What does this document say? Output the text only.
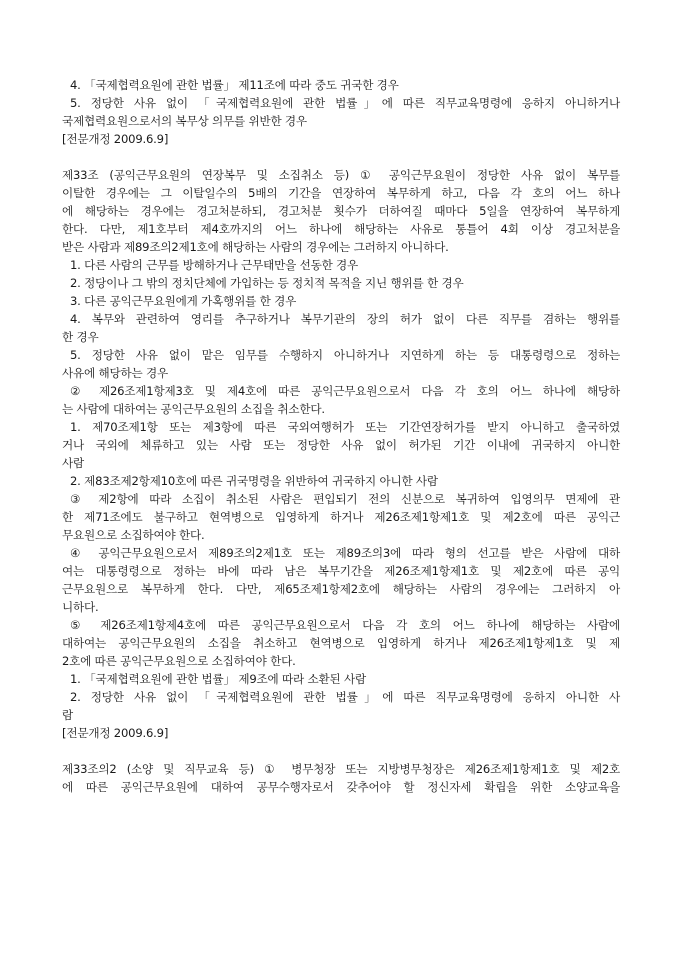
4. 「국제협력요원에 관한 법률」 제11조에 따라 중도 귀국한 경우
5. 정당한 사유 없이 「국제협력요원에 관한 법률」에 따른 직무교육명령에 응하지 아니하거나
국제협력요원으로서의 복무상 의무를 위반한 경우
[전문개정 2009.6.9]
제33조 (공익근무요원의 연장복무 및 소집취소 등) ① 공익근무요원이 정당한 사유 없이 복무를
이탈한 경우에는 그 이탈일수의 5배의 기간을 연장하여 복무하게 하고, 다음 각 호의 어느 하나
에 해당하는 경우에는 경고처분하되, 경고처분 횟수가 더하여질 때마다 5일을 연장하여 복무하게
한다. 다만, 제1호부터 제4호까지의 어느 하나에 해당하는 사유로 통틀어 4회 이상 경고처분을
받은 사람과 제89조의2제1호에 해당하는 사람의 경우에는 그러하지 아니하다.
1. 다른 사람의 근무를 방해하거나 근무태만을 선동한 경우
2. 정당이나 그 밖의 정치단체에 가입하는 등 정치적 목적을 지닌 행위를 한 경우
3. 다른 공익근무요원에게 가혹행위를 한 경우
4. 복무와 관련하여 영리를 추구하거나 복무기관의 장의 허가 없이 다른 직무를 겸하는 행위를
한 경우
5. 정당한 사유 없이 맡은 임무를 수행하지 아니하거나 지연하게 하는 등 대통령령으로 정하는
사유에 해당하는 경우
② 제26조제1항제3호 및 제4호에 따른 공익근무요원으로서 다음 각 호의 어느 하나에 해당하
는 사람에 대하여는 공익근무요원의 소집을 취소한다.
1. 제70조제1항 또는 제3항에 따른 국외여행허가 또는 기간연장허가를 받지 아니하고 출국하였
거나 국외에 체류하고 있는 사람 또는 정당한 사유 없이 허가된 기간 이내에 귀국하지 아니한
사람
2. 제83조제2항제10호에 따른 귀국명령을 위반하여 귀국하지 아니한 사람
③ 제2항에 따라 소집이 취소된 사람은 편입되기 전의 신분으로 복귀하여 입영의무 면제에 관
한 제71조에도 불구하고 현역병으로 입영하게 하거나 제26조제1항제1호 및 제2호에 따른 공익근
무요원으로 소집하여야 한다.
④ 공익근무요원으로서 제89조의2제1호 또는 제89조의3에 따라 형의 선고를 받은 사람에 대하
여는 대통령령으로 정하는 바에 따라 남은 복무기간을 제26조제1항제1호 및 제2호에 따른 공익
근무요원으로 복무하게 한다. 다만, 제65조제1항제2호에 해당하는 사람의 경우에는 그러하지 아
니하다.
⑤ 제26조제1항제4호에 따른 공익근무요원으로서 다음 각 호의 어느 하나에 해당하는 사람에
대하여는 공익근무요원의 소집을 취소하고 현역병으로 입영하게 하거나 제26조제1항제1호 및 제
2호에 따른 공익근무요원으로 소집하여야 한다.
1. 「국제협력요원에 관한 법률」 제9조에 따라 소환된 사람
2. 정당한 사유 없이 「국제협력요원에 관한 법률」에 따른 직무교육명령에 응하지 아니한 사
람
[전문개정 2009.6.9]
제33조의2 (소양 및 직무교육 등) ① 병무청장 또는 지방병무청장은 제26조제1항제1호 및 제2호
에 따른 공익근무요원에 대하여 공무수행자로서 갖추어야 할 정신자세 확립을 위한 소양교육을
